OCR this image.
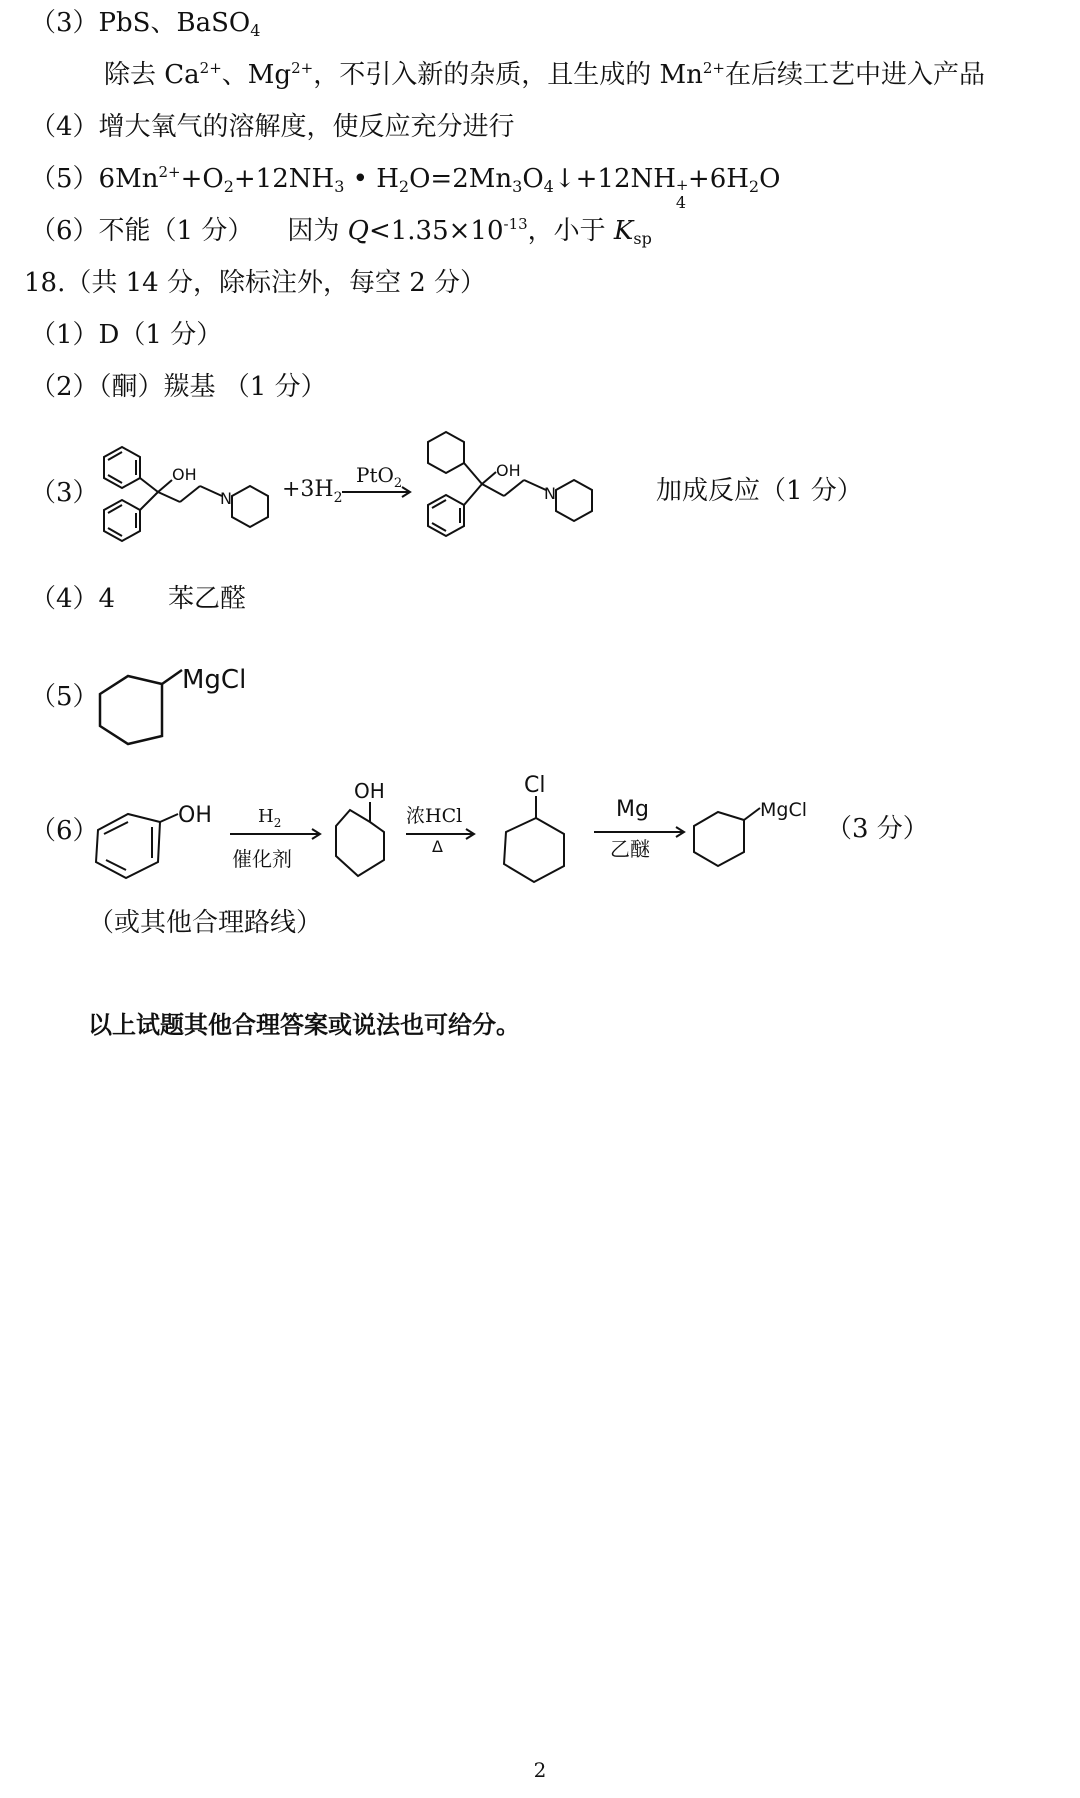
（3）PbS、BaSO$_4$
除去 $Ca^{2+}$、$Mg^{2+}$，不引入新的杂质，且生成的 $Mn^{2+}$在后续工艺中进入产品
（4）增大氧气的溶解度，使反应充分进行
$(5)6Mn^{2+}+O_2+12NH_3$ • $H_2O=2Mn_3O_4↓+12NH$ +
4
$+6H_2O$
（6）不能（1 分） 因为 $Q<1.35\times 10^{-13}$，小于 $K_{sp}$
18.（共 14 分，除标注外，每空 2 分）
（1）D（1 分）
（2）（酮）羰基 （1 分）
（3）
OH
$N +3H_2$
PtO$_2$
OH
N	加成反应（1 分）
（4）4 苯乙醛
（5）
MgCl
（6）
OH	$H_2$
催化剂
OH
浓HCl
Δ
Cl
Mg
乙醚
MgCl
（3 分）
（或其他合理路线）
以上试题其他合理答案或说法也可给分。
2
